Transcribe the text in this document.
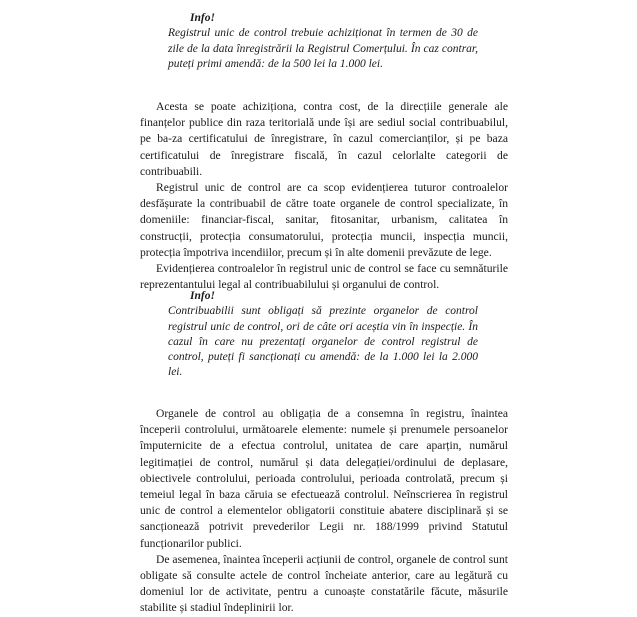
Info!
Registrul unic de control trebuie achiziționat în termen de 30 de zile de la data înregistrării la Registrul Comerțului. În caz contrar, puteți primi amendă: de la 500 lei la 1.000 lei.

Acesta se poate achiziționa, contra cost, de la direcțiile generale ale finanțelor publice din raza teritorială unde își are sediul social contribuabilul, pe ba-za certificatului de înregistrare, în cazul comercianților, și pe baza certificatului de înregistrare fiscală, în cazul celorlalte categorii de contribuabili.

Registrul unic de control are ca scop evidențierea tuturor controalelor desfășurate la contribuabil de către toate organele de control specializate, în domeniile: financiar-fiscal, sanitar, fitosanitar, urbanism, calitatea în construcții, protecția consumatorului, protecția muncii, inspecția muncii, protecția împotriva incendiilor, precum și în alte domenii prevăzute de lege.

Evidențierea controalelor în registrul unic de control se face cu semnăturile reprezentantului legal al contribuabilului și organului de control.

Info!
Contribuabilii sunt obligați să prezinte organelor de control registrul unic de control, ori de câte ori aceștia vin în inspecție. În cazul în care nu prezentați organelor de control registrul de control, puteți fi sancționați cu amendă: de la 1.000 lei la 2.000 lei.

Organele de control au obligația de a consemna în registru, înaintea începerii controlului, următoarele elemente: numele și prenumele persoanelor împuternicite de a efectua controlul, unitatea de care aparțin, numărul legitimației de control, numărul și data delegației/ordinului de deplasare, obiectivele controlului, perioada controlului, perioada controlată, precum și temeiul legal în baza căruia se efectuează controlul. Neînscrierea în registrul unic de control a elementelor obligatorii constituie abatere disciplinară și se sancționează potrivit prevederilor Legii nr. 188/1999 privind Statutul funcționarilor publici.

De asemenea, înaintea începerii acțiunii de control, organele de control sunt obligate să consulte actele de control încheiate anterior, care au legătură cu domeniul lor de activitate, pentru a cunoaște constatările făcute, măsurile stabilite și stadiul îndeplinirii lor.
